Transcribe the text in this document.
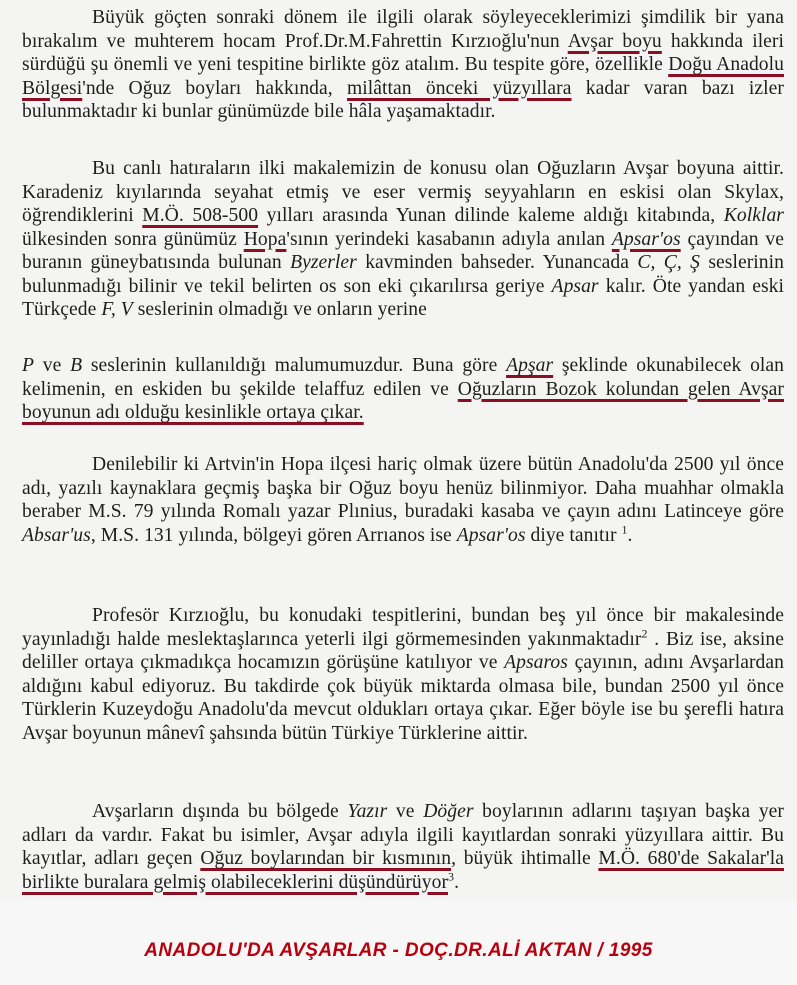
Büyük göçten sonraki dönem ile ilgili olarak söyleyeceklerimizi şimdilik bir yana bırakalım ve muhterem hocam Prof.Dr.M.Fahrettin Kırzıoğlu'nun Avşar boyu hakkında ileri sürdüğü şu önemli ve yeni tespitine birlikte göz atalım. Bu tespite göre, özellikle Doğu Anadolu Bölgesi'nde Oğuz boyları hakkında, milâttan önceki yüzyıllara kadar varan bazı izler bulunmaktadır ki bunlar günümüzde bile hâla yaşamaktadır.
Bu canlı hatıraların ilki makalemizin de konusu olan Oğuzların Avşar boyuna aittir. Karadeniz kıyılarında seyahat etmiş ve eser vermiş seyyahların en eskisi olan Skylax, öğrendiklerini M.Ö. 508-500 yılları arasında Yunan dilinde kaleme aldığı kitabında, Kolklar ülkesinden sonra günümüz Hopa'sının yerindeki kasabanın adıyla anılan Apsar'os çayından ve buranın güneybatısında bulunan Byzerler kavminden bahseder. Yunancada C, Ç, Ş seslerinin bulunmadığı bilinir ve tekil belirten os son eki çıkarılırsa geriye Apsar kalır. Öte yandan eski Türkçede F, V seslerinin olmadığı ve onların yerine
P ve B seslerinin kullanıldığı malumumuzdur. Buna göre Apşar şeklinde okunabilecek olan kelimenin, en eskiden bu şekilde telaffuz edilen ve Oğuzların Bozok kolundan gelen Avşar boyunun adı olduğu kesinlikle ortaya çıkar.
Denilebilir ki Artvin'in Hopa ilçesi hariç olmak üzere bütün Anadolu'da 2500 yıl önce adı, yazılı kaynaklara geçmiş başka bir Oğuz boyu henüz bilinmiyor. Daha muahhar olmakla beraber M.S. 79 yılında Romalı yazar Plınius, buradaki kasaba ve çayın adını Latinceye göre Absar'us, M.S. 131 yılında, bölgeyi gören Arrıanos ise Apsar'os diye tanıtır $^1$.
Profesör Kırzıoğlu, bu konudaki tespitlerini, bundan beş yıl önce bir makalesinde yayınladığı halde meslektaşlarınca yeterli ilgi görmemesinden yakınmaktadır$^2$ . Biz ise, aksine deliller ortaya çıkmadıkça hocamızın görüşüne katılıyor ve Apsaros çayının, adını Avşarlardan aldığını kabul ediyoruz. Bu takdirde çok büyük miktarda olmasa bile, bundan 2500 yıl önce Türklerin Kuzeydoğu Anadolu'da mevcut oldukları ortaya çıkar. Eğer böyle ise bu şerefli hatıra Avşar boyunun mânevî şahsında bütün Türkiye Türklerine aittir.
Avşarların dışında bu bölgede Yazır ve Döğer boylarının adlarını taşıyan başka yer adları da vardır. Fakat bu isimler, Avşar adıyla ilgili kayıtlardan sonraki yüzyıllara aittir. Bu kayıtlar, adları geçen Oğuz boylarından bir kısmının, büyük ihtimalle M.Ö. 680'de Sakalar'la birlikte buralara gelmiş olabileceklerini düşündürüyor$^3$.
ANADOLU'DA AVŞARLAR - DOÇ.DR.ALİ AKTAN / 1995
